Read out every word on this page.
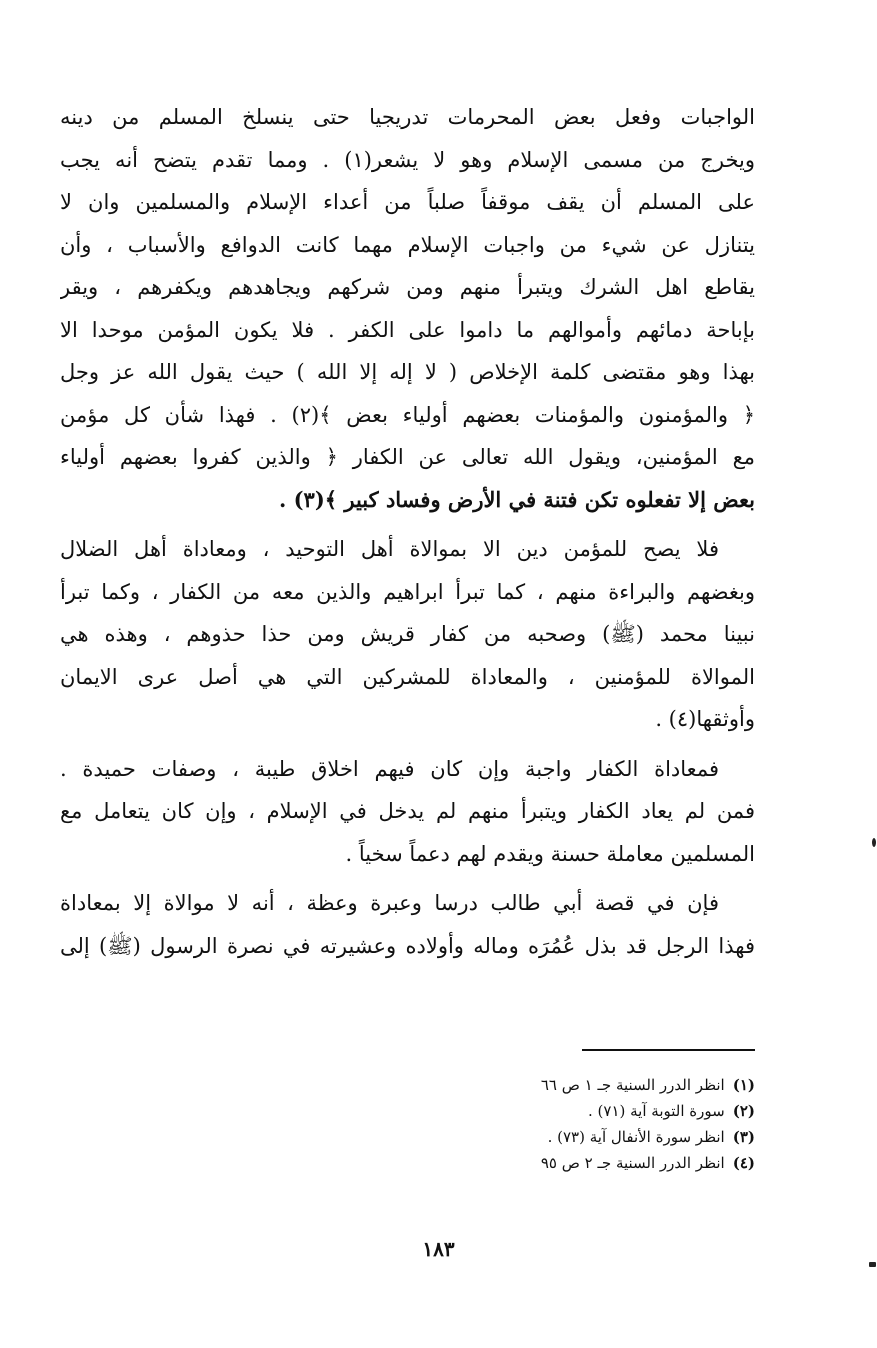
الواجبات وفعل بعض المحرمات تدريجيا حتى ينسلخ المسلم من دينه
ويخرج من مسمى الإسلام وهو لا يشعر(١) . ومما تقدم يتضح أنه يجب
على المسلم أن يقف موقفاً صلباً من أعداء الإسلام والمسلمين وان لا
يتنازل عن شيء من واجبات الإسلام مهما كانت الدوافع والأسباب ، وأن
يقاطع اهل الشرك ويتبرأ منهم ومن شركهم ويجاهدهم ويكفرهم ، ويقر
بإباحة دمائهم وأموالهم ما داموا على الكفر . فلا يكون المؤمن موحدا الا
بهذا وهو مقتضى كلمة الإخلاص ( لا إله إلا الله ) حيث يقول الله عز وجل
﴿ والمؤمنون والمؤمنات بعضهم أولياء بعض ﴾(٢) . فهذا شأن كل مؤمن
مع المؤمنين، ويقول الله تعالى عن الكفار ﴿ والذين كفروا بعضهم أولياء
بعض إلا تفعلوه تكن فتنة في الأرض وفساد كبير ﴾(٣) .
فلا يصح للمؤمن دين الا بموالاة أهل التوحيد ، ومعاداة أهل الضلال
وبغضهم والبراءة منهم ، كما تبرأ ابراهيم والذين معه من الكفار ، وكما تبرأ
نبينا محمد (ﷺ) وصحبه من كفار قريش ومن حذا حذوهم ، وهذه هي
الموالاة للمؤمنين ، والمعاداة للمشركين التي هي أصل عرى الايمان
وأوثقها(٤) .
فمعاداة الكفار واجبة وإن كان فيهم اخلاق طيبة ، وصفات حميدة .
فمن لم يعاد الكفار ويتبرأ منهم لم يدخل في الإسلام ، وإن كان يتعامل مع
المسلمين معاملة حسنة ويقدم لهم دعماً سخياً .
فإن في قصة أبي طالب درسا وعبرة وعظة ، أنه لا موالاة إلا بمعاداة
فهذا الرجل قد بذل عُمُرَه وماله وأولاده وعشيرته في نصرة الرسول (ﷺ) إلى
(١)
انظر الدرر السنية جـ ١ ص ٦٦
(٢)
سورة التوبة آية (٧١) .
(٣)
انظر سورة الأنفال آية (٧٣) .
(٤)
انظر الدرر السنية جـ ٢ ص ٩٥
١٨٣
